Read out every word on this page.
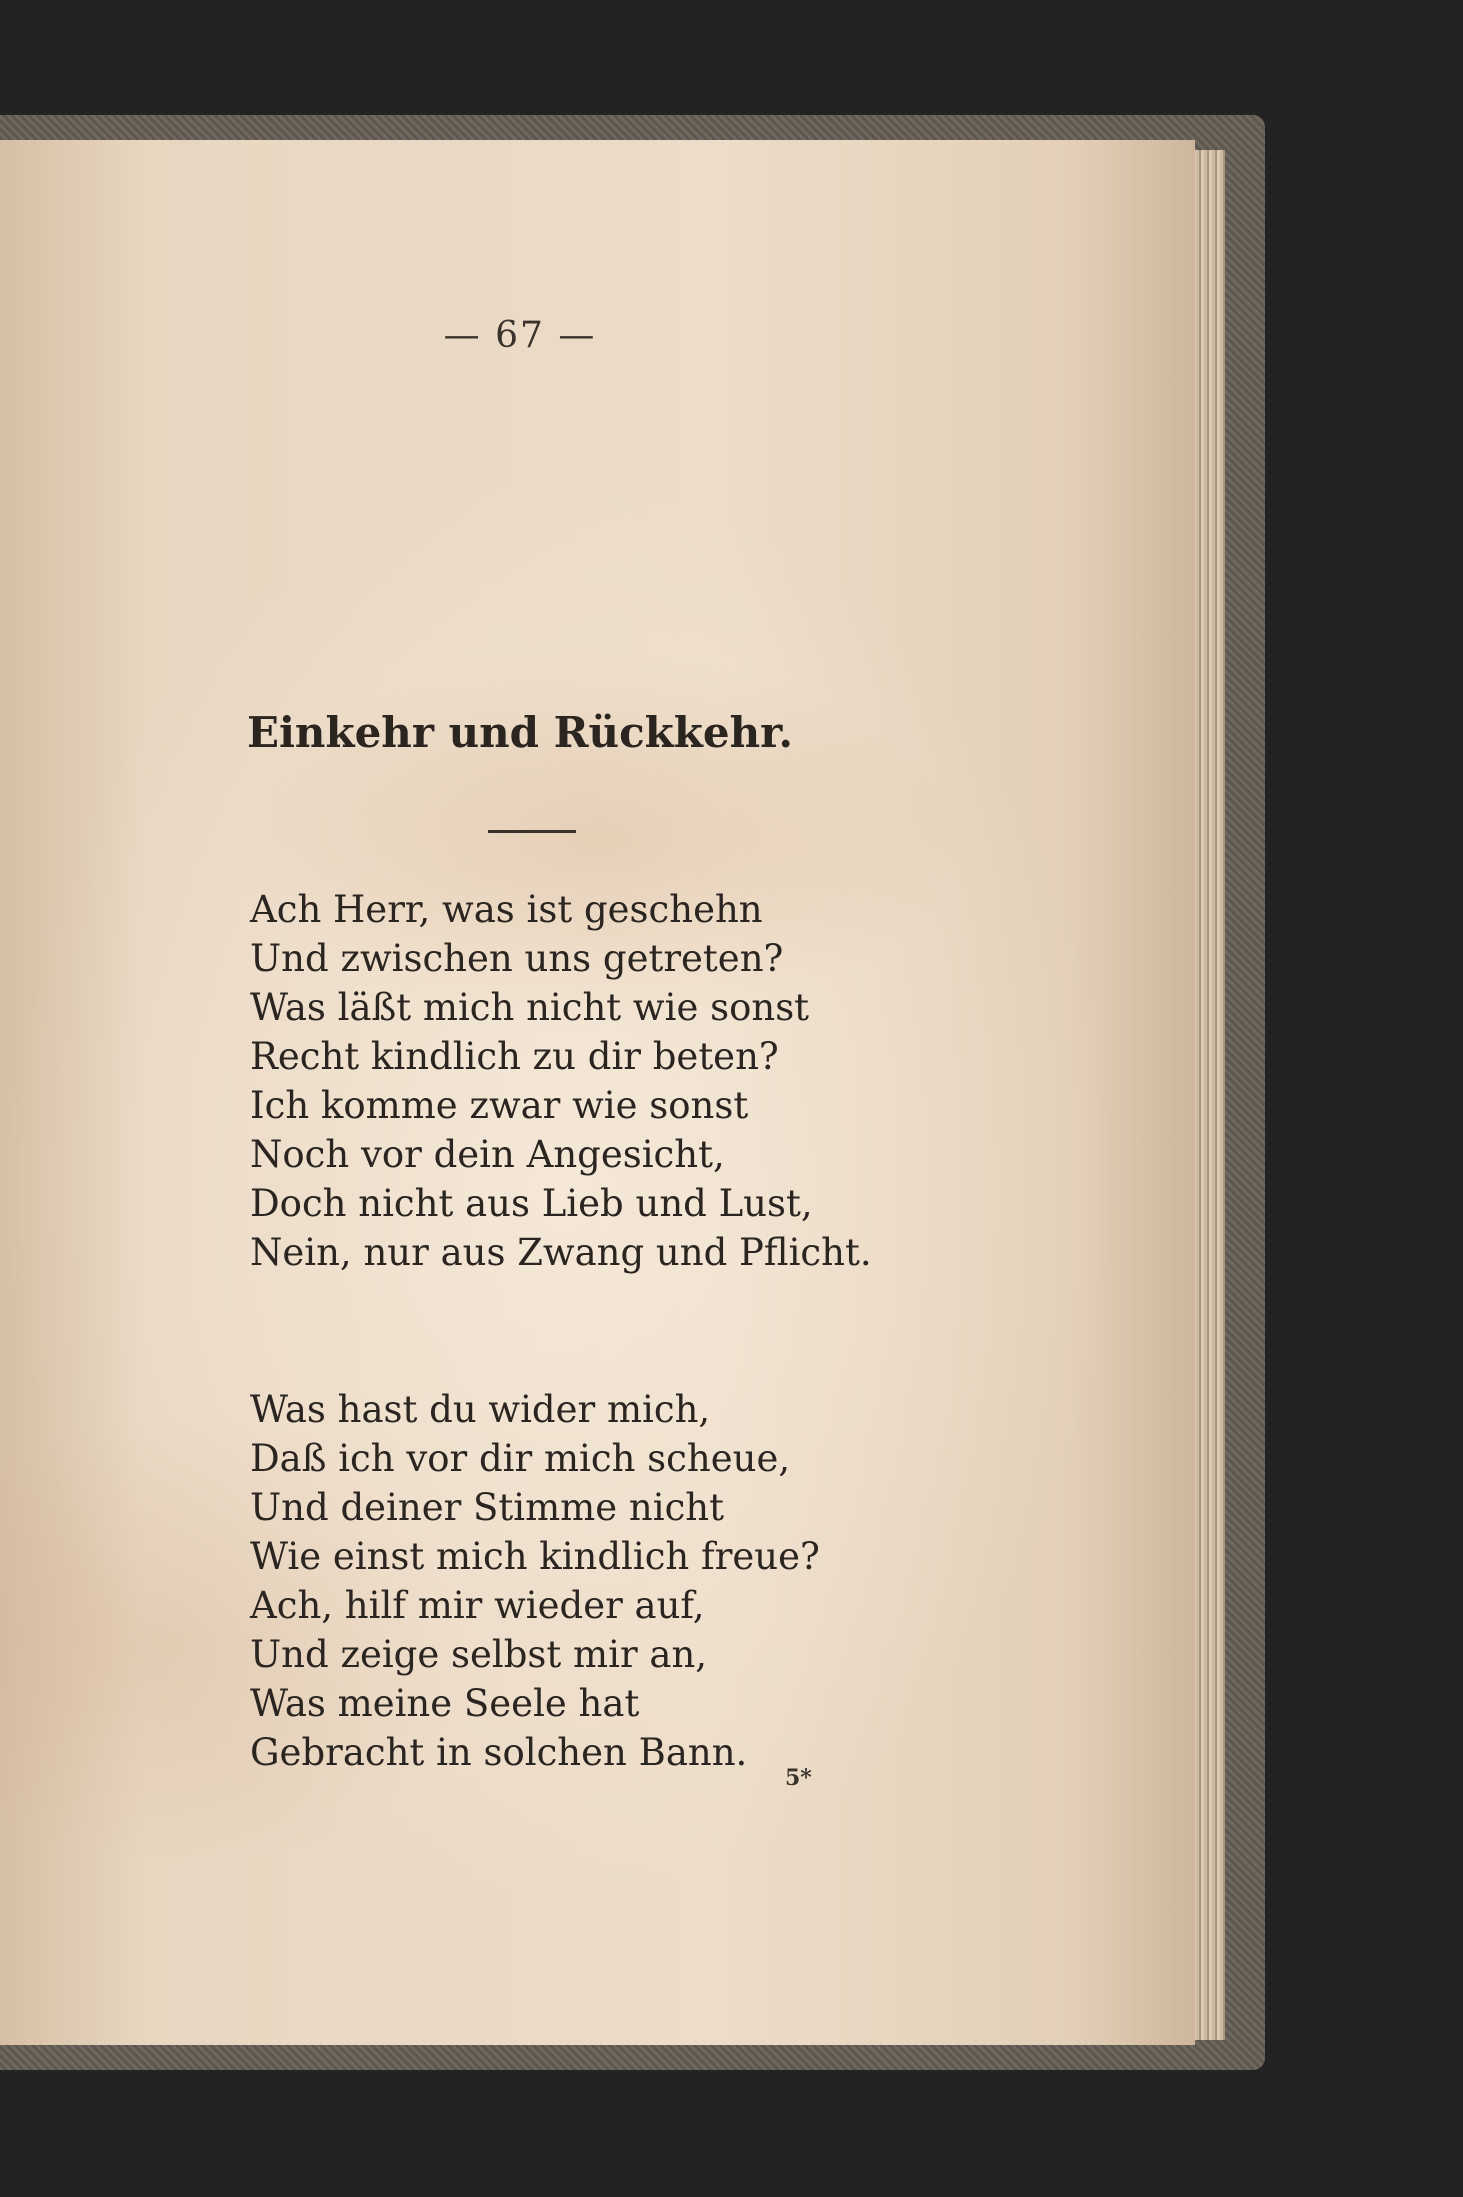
— 67 —
Einkehr und Rückkehr.
Ach Herr, was ist geschehn
Und zwischen uns getreten?
Was läßt mich nicht wie sonst
Recht kindlich zu dir beten?
Ich komme zwar wie sonst
Noch vor dein Angesicht,
Doch nicht aus Lieb und Lust,
Nein, nur aus Zwang und Pflicht.
Was hast du wider mich,
Daß ich vor dir mich scheue,
Und deiner Stimme nicht
Wie einst mich kindlich freue?
Ach, hilf mir wieder auf,
Und zeige selbst mir an,
Was meine Seele hat
Gebracht in solchen Bann.
5*
